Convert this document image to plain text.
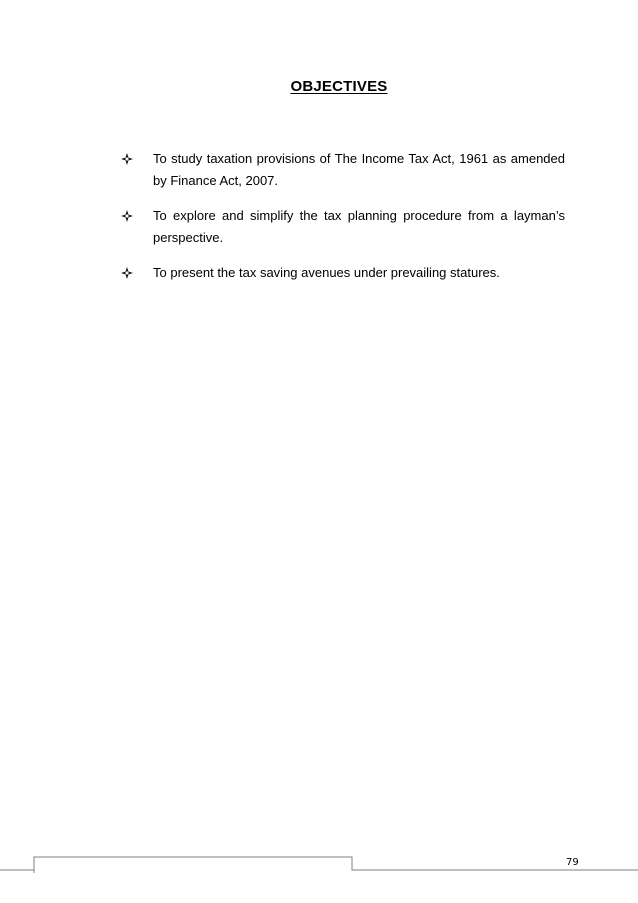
OBJECTIVES
To study taxation provisions of The Income Tax Act, 1961 as amended by Finance Act, 2007.
To explore and simplify the tax planning procedure from a layman’s perspective.
To present the tax saving avenues under prevailing statures.
79
